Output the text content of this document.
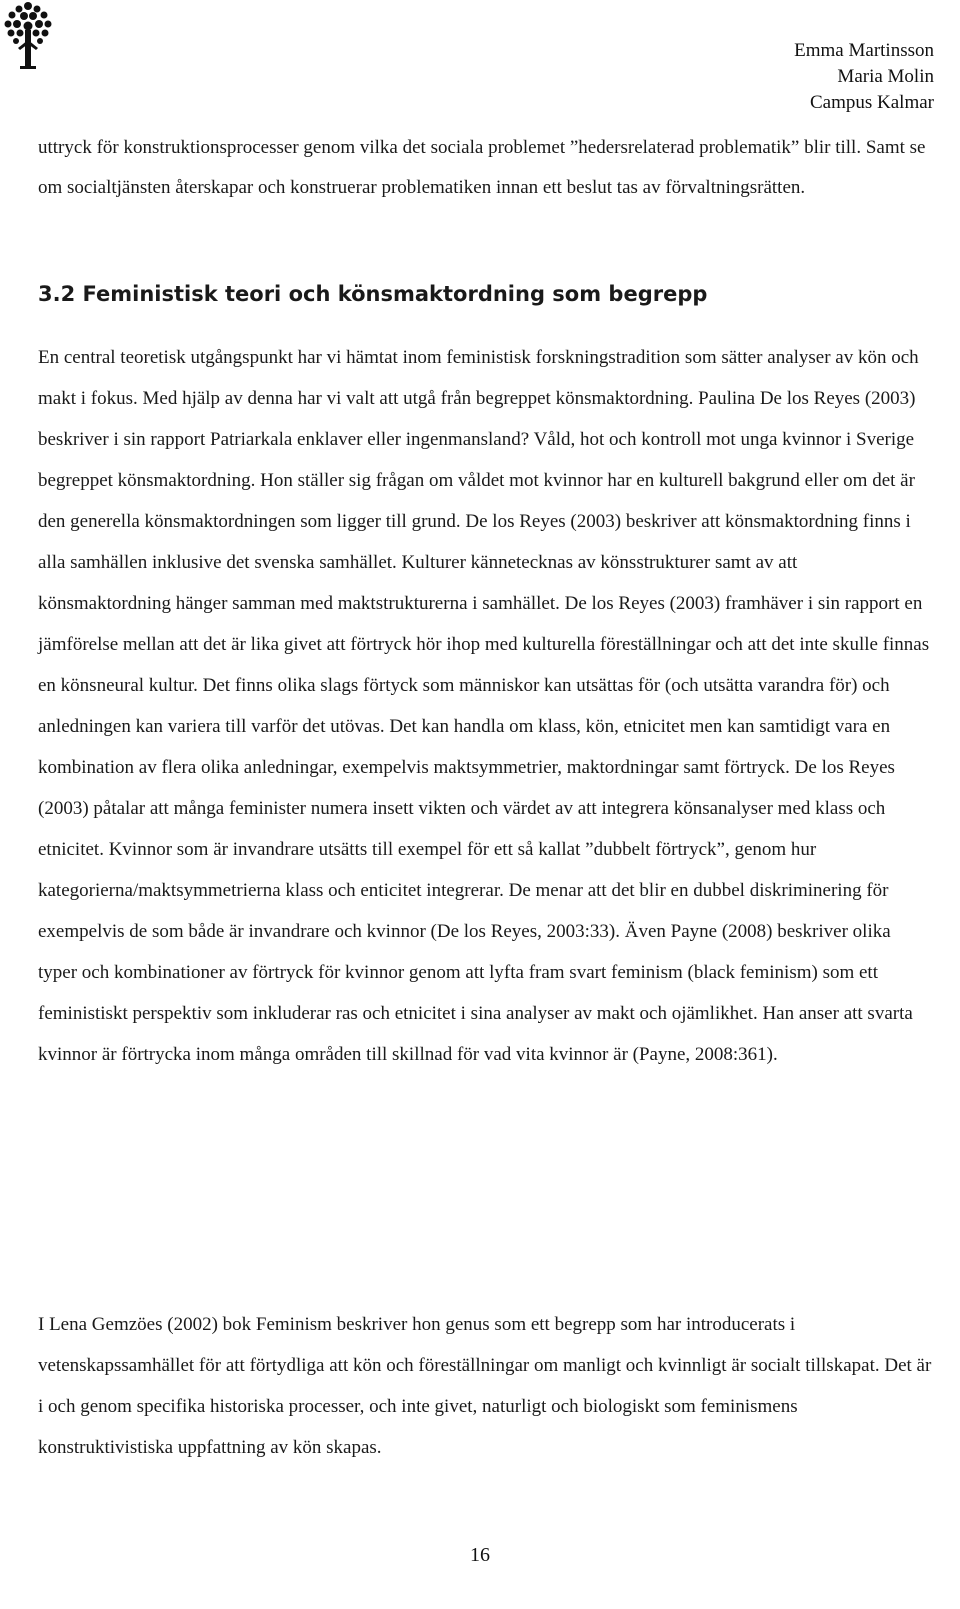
Emma Martinsson
Maria Molin
Campus Kalmar

uttryck för konstruktionsprocesser genom vilka det sociala problemet ”hedersrelaterad problematik” blir till. Samt se om socialtjänsten återskapar och konstruerar problematiken innan ett beslut tas av förvaltningsrätten.

3.2 Feministisk teori och könsmaktordning som begrepp

En central teoretisk utgångspunkt har vi hämtat inom feministisk forskningstradition som sätter analyser av kön och makt i fokus. Med hjälp av denna har vi valt att utgå från begreppet könsmaktordning. Paulina De los Reyes (2003) beskriver i sin rapport Patriarkala enklaver eller ingenmansland? Våld, hot och kontroll mot unga kvinnor i Sverige begreppet könsmaktordning. Hon ställer sig frågan om våldet mot kvinnor har en kulturell bakgrund eller om det är den generella könsmaktordningen som ligger till grund. De los Reyes (2003) beskriver att könsmaktordning finns i alla samhällen inklusive det svenska samhället. Kulturer kännetecknas av könsstrukturer samt av att könsmaktordning hänger samman med maktstrukturerna i samhället. De los Reyes (2003) framhäver i sin rapport en jämförelse mellan att det är lika givet att förtryck hör ihop med kulturella föreställningar och att det inte skulle finnas en könsneural kultur. Det finns olika slags förtyck som människor kan utsättas för (och utsätta varandra för) och anledningen kan variera till varför det utövas. Det kan handla om klass, kön, etnicitet men kan samtidigt vara en kombination av flera olika anledningar, exempelvis maktsymmetrier, maktordningar samt förtryck. De los Reyes (2003) påtalar att många feminister numera insett vikten och värdet av att integrera könsanalyser med klass och etnicitet. Kvinnor som är invandrare utsätts till exempel för ett så kallat ”dubbelt förtryck”, genom hur kategorierna/maktsymmetrierna klass och enticitet integrerar. De menar att det blir en dubbel diskriminering för exempelvis de som både är invandrare och kvinnor (De los Reyes, 2003:33). Även Payne (2008) beskriver olika typer och kombinationer av förtryck för kvinnor genom att lyfta fram svart feminism (black feminism) som ett feministiskt perspektiv som inkluderar ras och etnicitet i sina analyser av makt och ojämlikhet. Han anser att svarta kvinnor är förtrycka inom många områden till skillnad för vad vita kvinnor är (Payne, 2008:361).

I Lena Gemzöes (2002) bok Feminism beskriver hon genus som ett begrepp som har introducerats i vetenskapssamhället för att förtydliga att kön och föreställningar om manligt och kvinnligt är socialt tillskapat. Det är i och genom specifika historiska processer, och inte givet, naturligt och biologiskt som feminismens konstruktivistiska uppfattning av kön skapas.

16
